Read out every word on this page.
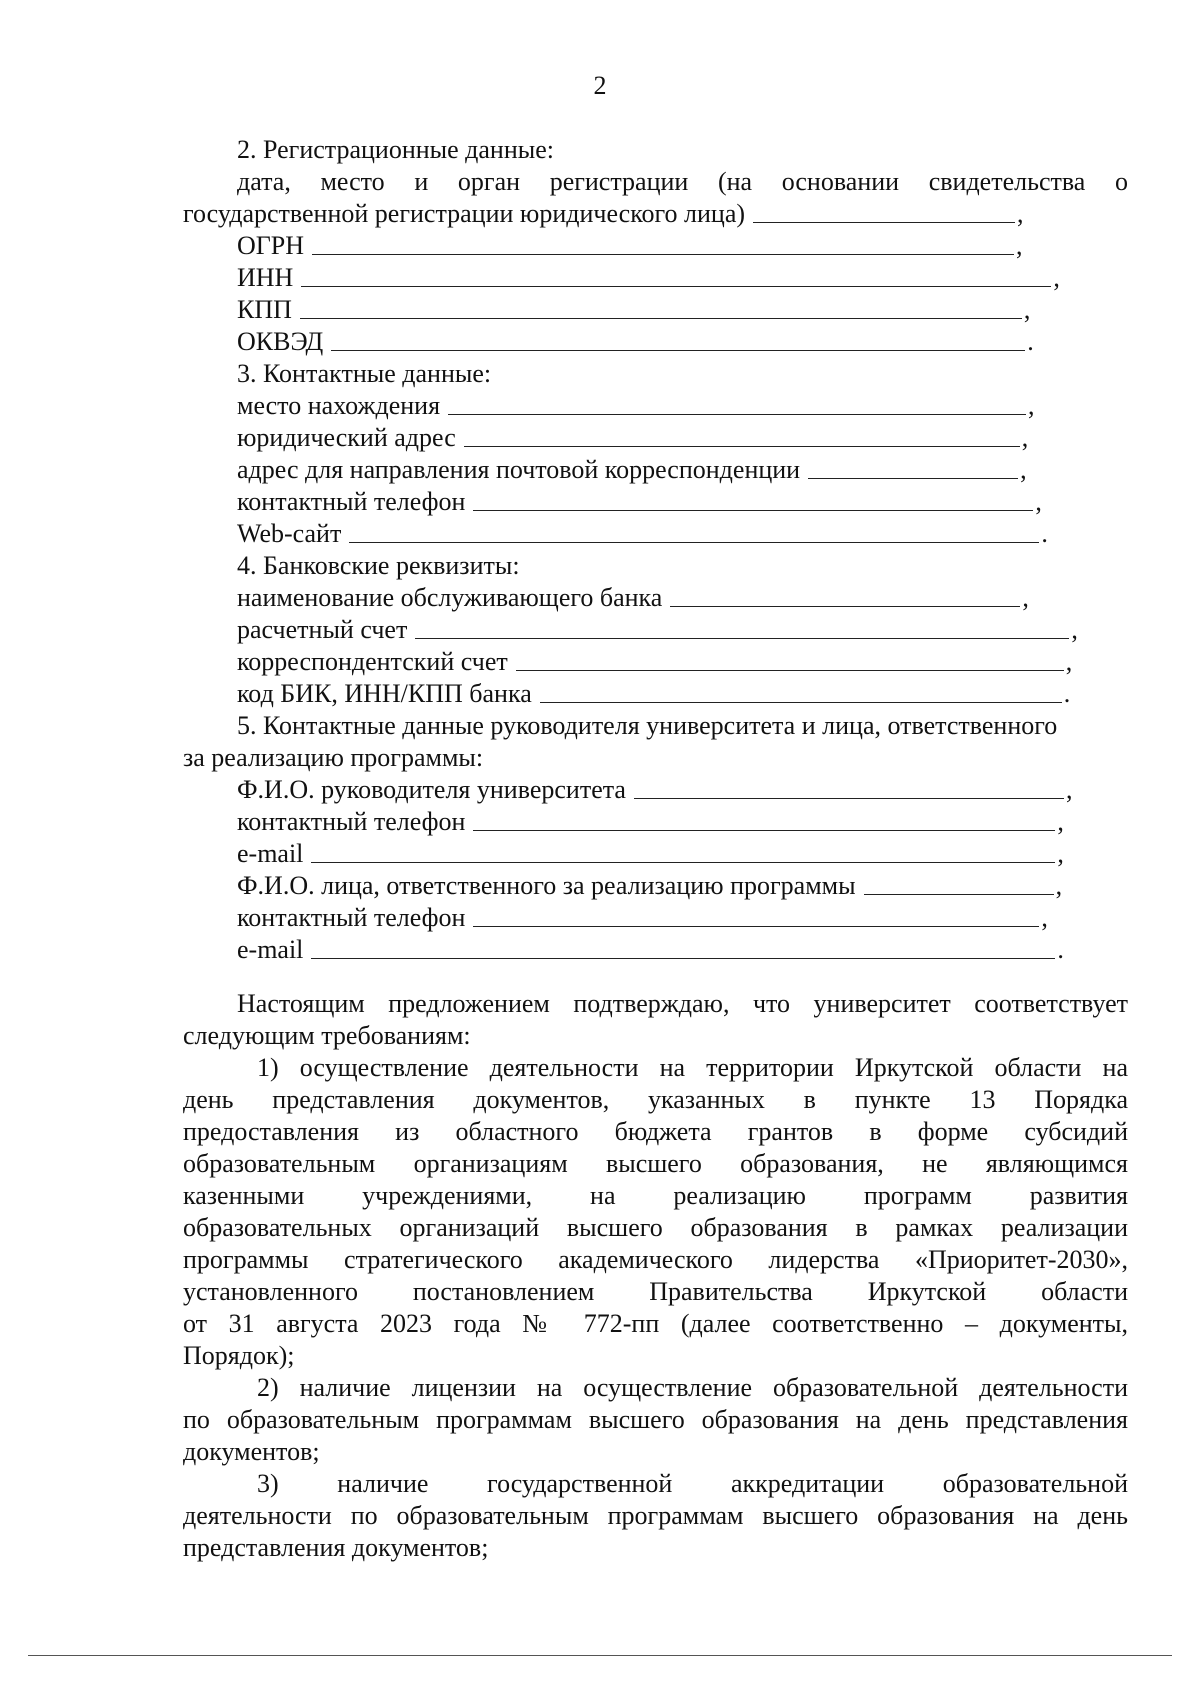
2
2. Регистрационные данные:
дата, место и орган регистрации (на основании свидетельства о
государственной регистрации юридического лица)	,
ОГРН	,
ИНН	,
КПП	,
ОКВЭД	.
3. Контактные данные:
место нахождения	,
юридический адрес	,
адрес для направления почтовой корреспонденции	,
контактный телефон	,
Web-сайт	.
4. Банковские реквизиты:
наименование обслуживающего банка	,
расчетный счет	,
корреспондентский счет	,
код БИК, ИНН/КПП банка	.
5. Контактные данные руководителя университета и лица, ответственного
за реализацию программы:
Ф.И.О. руководителя университета	,
контактный телефон	,
e-mail	,
Ф.И.О. лица, ответственного за реализацию программы	,
контактный телефон	,
e-mail	.
Настоящим предложением подтверждаю, что университет соответствует
следующим требованиям:
1) осуществление деятельности на территории Иркутской области на
день представления документов, указанных в пункте 13 Порядка
предоставления из областного бюджета грантов в форме субсидий
образовательным организациям высшего образования, не являющимся
казенными учреждениями, на реализацию программ развития
образовательных организаций высшего образования в рамках реализации
программы стратегического академического лидерства «Приоритет-2030»,
установленного постановлением Правительства Иркутской области
от 31 августа 2023 года № 772-пп (далее соответственно – документы,
Порядок);
2) наличие лицензии на осуществление образовательной деятельности
по образовательным программам высшего образования на день представления
документов;
3) наличие государственной аккредитации образовательной
деятельности по образовательным программам высшего образования на день
представления документов;
